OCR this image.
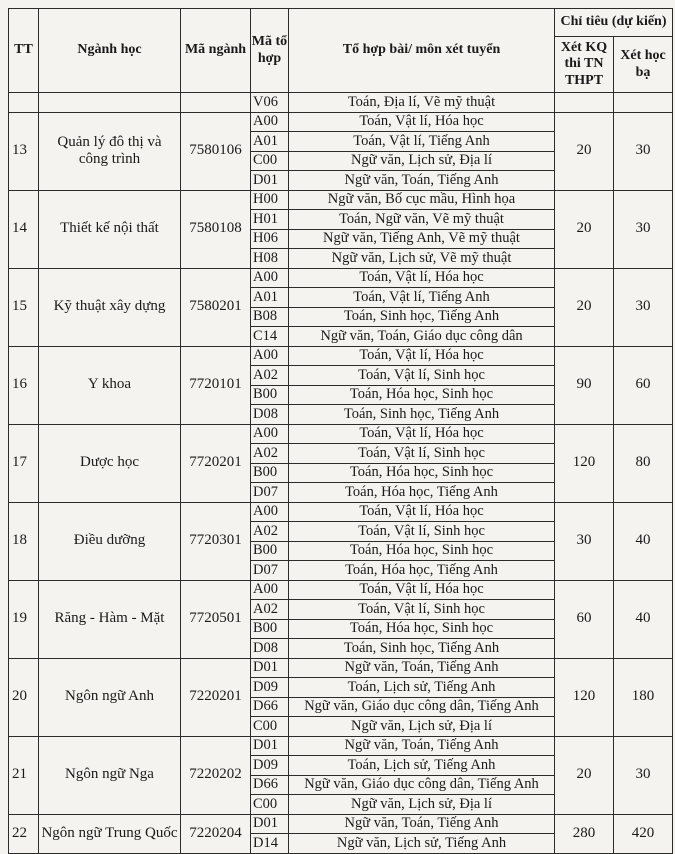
TT	Ngành học	Mã ngành	Mã tổ hợp	Tổ hợp bài/ môn xét tuyển	Chỉ tiêu (dự kiến)	
					Xét KQ thi TN THPT	Xét học bạ
			V06	Toán, Địa lí, Vẽ mỹ thuật		
13	Quản lý đô thị và công trình	7580106	A00	Toán, Vật lí, Hóa học	20	30
			A01	Toán, Vật lí, Tiếng Anh		
			C00	Ngữ văn, Lịch sử, Địa lí		
			D01	Ngữ văn, Toán, Tiếng Anh		
14	Thiết kế nội thất	7580108	H00	Ngữ văn, Bố cục mầu, Hình họa	20	30
			H01	Toán, Ngữ văn, Vẽ mỹ thuật		
			H06	Ngữ văn, Tiếng Anh, Vẽ mỹ thuật		
			H08	Ngữ văn, Lịch sử, Vẽ mỹ thuật		
15	Kỹ thuật xây dựng	7580201	A00	Toán, Vật lí, Hóa học	20	30
			A01	Toán, Vật lí, Tiếng Anh		
			B08	Toán, Sinh học, Tiếng Anh		
			C14	Ngữ văn, Toán, Giáo dục công dân		
16	Y khoa	7720101	A00	Toán, Vật lí, Hóa học	90	60
			A02	Toán, Vật lí, Sinh học		
			B00	Toán, Hóa học, Sinh học		
			D08	Toán, Sinh học, Tiếng Anh		
17	Dược học	7720201	A00	Toán, Vật lí, Hóa học	120	80
			A02	Toán, Vật lí, Sinh học		
			B00	Toán, Hóa học, Sinh học		
			D07	Toán, Hóa học, Tiếng Anh		
18	Điều dưỡng	7720301	A00	Toán, Vật lí, Hóa học	30	40
			A02	Toán, Vật lí, Sinh học		
			B00	Toán, Hóa học, Sinh học		
			D07	Toán, Hóa học, Tiếng Anh		
19	Răng - Hàm - Mặt	7720501	A00	Toán, Vật lí, Hóa học	60	40
			A02	Toán, Vật lí, Sinh học		
			B00	Toán, Hóa học, Sinh học		
			D08	Toán, Sinh học, Tiếng Anh		
20	Ngôn ngữ Anh	7220201	D01	Ngữ văn, Toán, Tiếng Anh	120	180
			D09	Toán, Lịch sử, Tiếng Anh		
			D66	Ngữ văn, Giáo dục công dân, Tiếng Anh		
			C00	Ngữ văn, Lịch sử, Địa lí		
21	Ngôn ngữ Nga	7220202	D01	Ngữ văn, Toán, Tiếng Anh	20	30
			D09	Toán, Lịch sử, Tiếng Anh		
			D66	Ngữ văn, Giáo dục công dân, Tiếng Anh		
			C00	Ngữ văn, Lịch sử, Địa lí		
22	Ngôn ngữ Trung Quốc	7220204	D01	Ngữ văn, Toán, Tiếng Anh	280	420
			D14	Ngữ văn, Lịch sử, Tiếng Anh		
